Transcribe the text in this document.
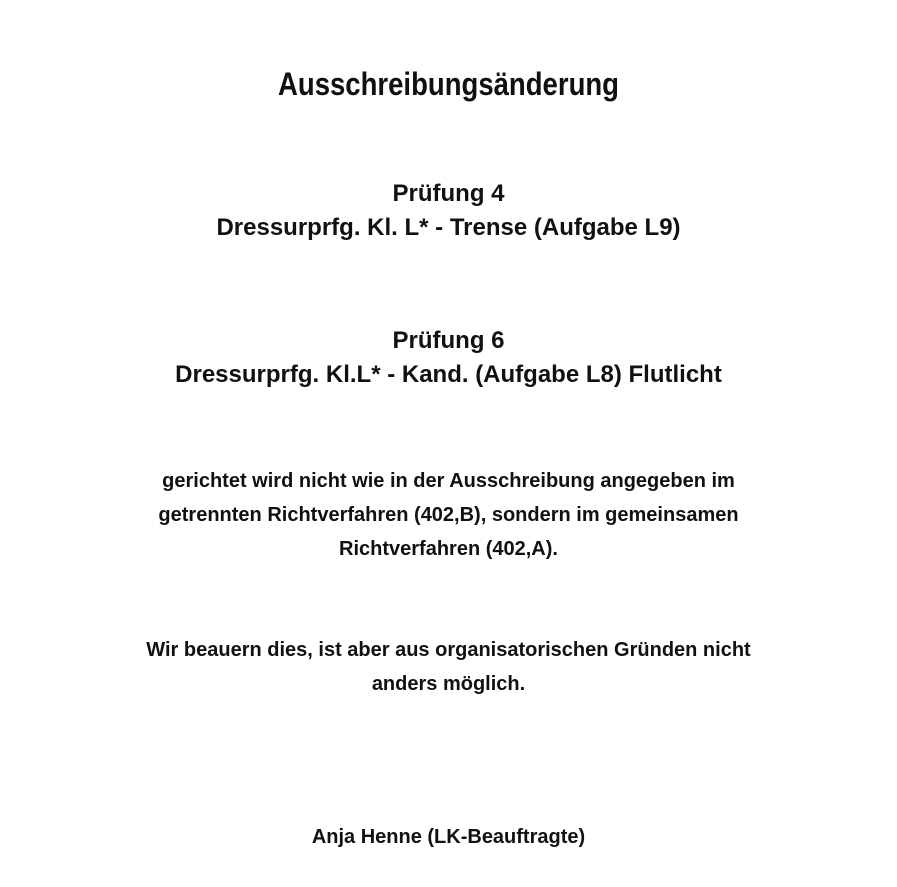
Ausschreibungsänderung
Prüfung 4
Dressurprfg. Kl. L* - Trense (Aufgabe L9)
Prüfung 6
Dressurprfg. Kl.L* - Kand. (Aufgabe L8) Flutlicht
gerichtet wird nicht wie in der Ausschreibung angegeben im
getrennten Richtverfahren (402,B), sondern im gemeinsamen
Richtverfahren (402,A).
Wir beauern dies, ist aber aus organisatorischen Gründen nicht
anders möglich.
Anja Henne (LK-Beauftragte)
